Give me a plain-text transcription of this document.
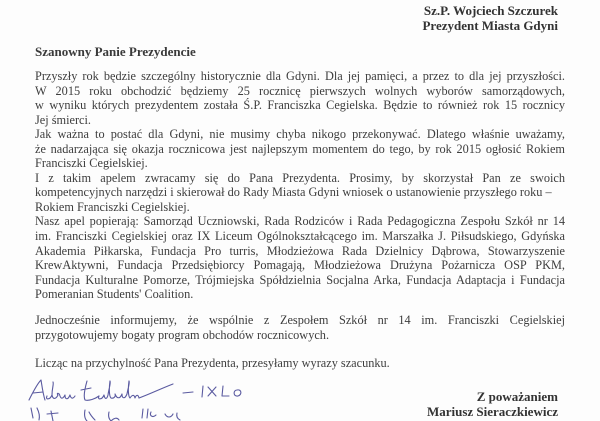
Sz.P. Wojciech Szczurek
Prezydent Miasta Gdyni
Szanowny Panie Prezydencie
Przyszły rok będzie szczególny historycznie dla Gdyni. Dla jej pamięci, a przez to dla jej przyszłości.
W 2015 roku obchodzić będziemy 25 rocznicę pierwszych wolnych wyborów samorządowych,
w wyniku których prezydentem została Ś.P. Franciszka Cegielska. Będzie to również rok 15 rocznicy
Jej śmierci.
Jak ważna to postać dla Gdyni, nie musimy chyba nikogo przekonywać. Dlatego właśnie uważamy,
że nadarzająca się okazja rocznicowa jest najlepszym momentem do tego, by rok 2015 ogłosić Rokiem
Franciszki Cegielskiej.
I z takim apelem zwracamy się do Pana Prezydenta. Prosimy, by skorzystał Pan ze swoich
kompetencyjnych narzędzi i skierował do Rady Miasta Gdyni wniosek o ustanowienie przyszłego roku –
Rokiem Franciszki Cegielskiej.
Nasz apel popierają: Samorząd Uczniowski, Rada Rodziców i Rada Pedagogiczna Zespołu Szkół nr 14
im. Franciszki Cegielskiej oraz IX Liceum Ogólnokształcącego im. Marszałka J. Piłsudskiego, Gdyńska
Akademia Piłkarska, Fundacja Pro turris, Młodzieżowa Rada Dzielnicy Dąbrowa, Stowarzyszenie
KrewAktywni, Fundacja Przedsiębiorcy Pomagają, Młodzieżowa Drużyna Pożarnicza OSP PKM,
Fundacja Kulturalne Pomorze, Trójmiejska Spółdzielnia Socjalna Arka, Fundacja Adaptacja i Fundacja
Pomeranian Students' Coalition.
Jednocześnie informujemy, że wspólnie z Zespołem Szkół nr 14 im. Franciszki Cegielskiej
przygotowujemy bogaty program obchodów rocznicowych.
Licząc na przychylność Pana Prezydenta, przesyłamy wyrazy szacunku.
Z poważaniem
Mariusz Sieraczkiewicz
